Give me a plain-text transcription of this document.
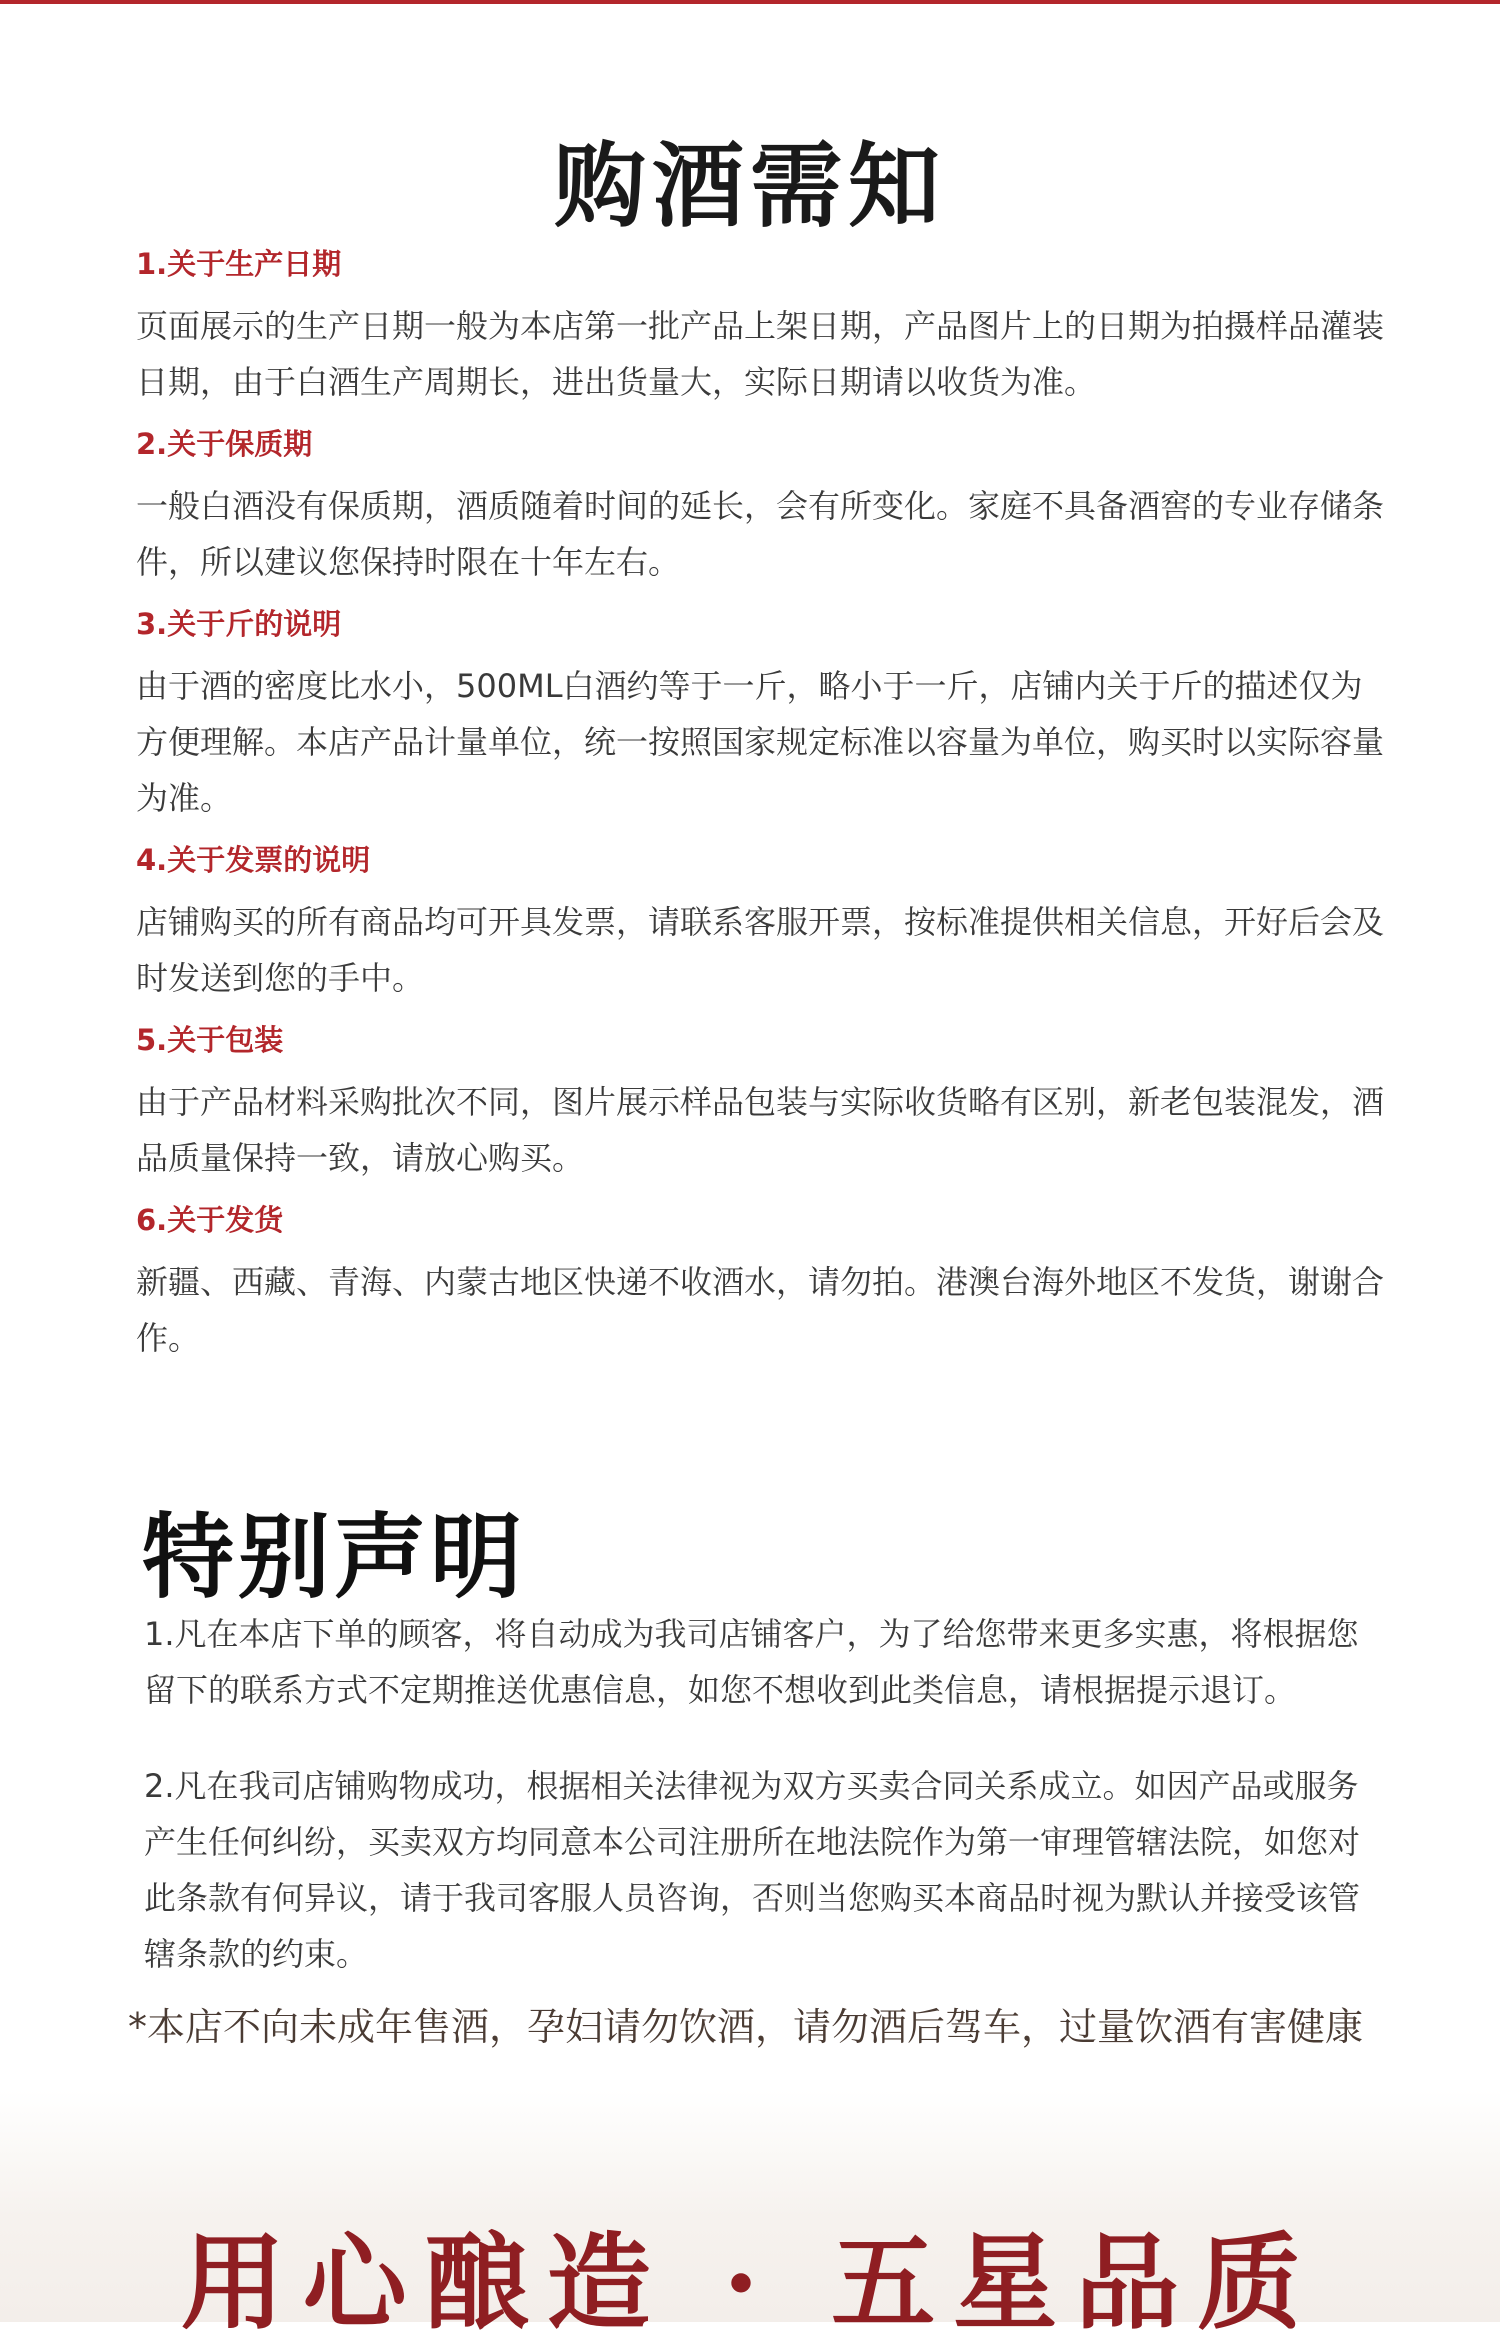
购酒需知
1.关于生产日期
页面展示的生产日期一般为本店第一批产品上架日期，产品图片上的日期为拍摄样品灌装日期，由于白酒生产周期长，进出货量大，实际日期请以收货为准。
2.关于保质期
一般白酒没有保质期，酒质随着时间的延长，会有所变化。家庭不具备酒窖的专业存储条件，所以建议您保持时限在十年左右。
3.关于斤的说明
由于酒的密度比水小，500ML白酒约等于一斤，略小于一斤，店铺内关于斤的描述仅为方便理解。本店产品计量单位，统一按照国家规定标准以容量为单位，购买时以实际容量为准。
4.关于发票的说明
店铺购买的所有商品均可开具发票，请联系客服开票，按标准提供相关信息，开好后会及时发送到您的手中。
5.关于包装
由于产品材料采购批次不同，图片展示样品包装与实际收货略有区别，新老包装混发，酒品质量保持一致，请放心购买。
6.关于发货
新疆、西藏、青海、内蒙古地区快递不收酒水，请勿拍。港澳台海外地区不发货，谢谢合作。
特别声明

1.凡在本店下单的顾客，将自动成为我司店铺客户，为了给您带来更多实惠，将根据您留下的联系方式不定期推送优惠信息，如您不想收到此类信息，请根据提示退订。

2.凡在我司店铺购物成功，根据相关法律视为双方买卖合同关系成立。如因产品或服务产生任何纠纷，买卖双方均同意本公司注册所在地法院作为第一审理管辖法院，如您对此条款有何异议，请于我司客服人员咨询，否则当您购买本商品时视为默认并接受该管辖条款的约束。

*本店不向未成年售酒，孕妇请勿饮酒，请勿酒后驾车，过量饮酒有害健康
用心酿造 · 五星品质
